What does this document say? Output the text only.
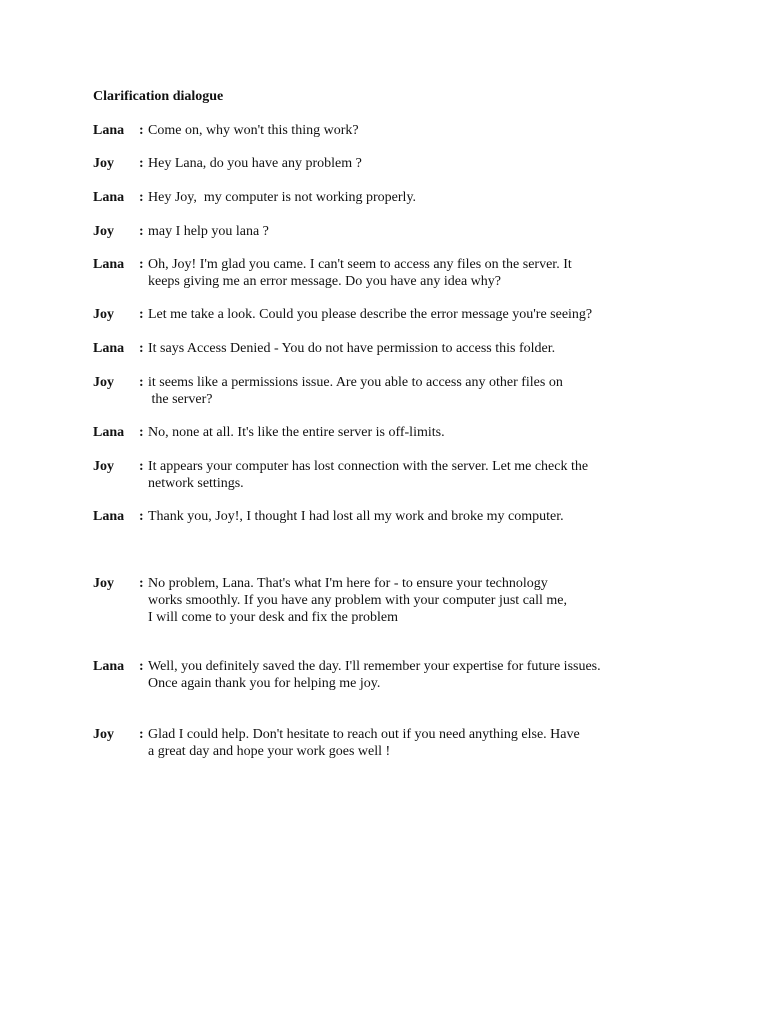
Clarification dialogue
Lana : Come on, why won't this thing work?
Joy : Hey Lana, do you have any problem ?
Lana : Hey Joy,  my computer is not working properly.
Joy : may I help you lana ?
Lana : Oh, Joy! I'm glad you came. I can't seem to access any files on the server. It
keeps giving me an error message. Do you have any idea why?
Joy : Let me take a look. Could you please describe the error message you're seeing?
Lana : It says Access Denied - You do not have permission to access this folder.
Joy : it seems like a permissions issue. Are you able to access any other files on
the server?
Lana : No, none at all. It's like the entire server is off-limits.
Joy : It appears your computer has lost connection with the server. Let me check the
network settings.
Lana : Thank you, Joy!, I thought I had lost all my work and broke my computer.
Joy : No problem, Lana. That's what I'm here for - to ensure your technology
works smoothly. If you have any problem with your computer just call me,
I will come to your desk and fix the problem
Lana : Well, you definitely saved the day. I'll remember your expertise for future issues.
Once again thank you for helping me joy.
Joy : Glad I could help. Don't hesitate to reach out if you need anything else. Have
a great day and hope your work goes well !
